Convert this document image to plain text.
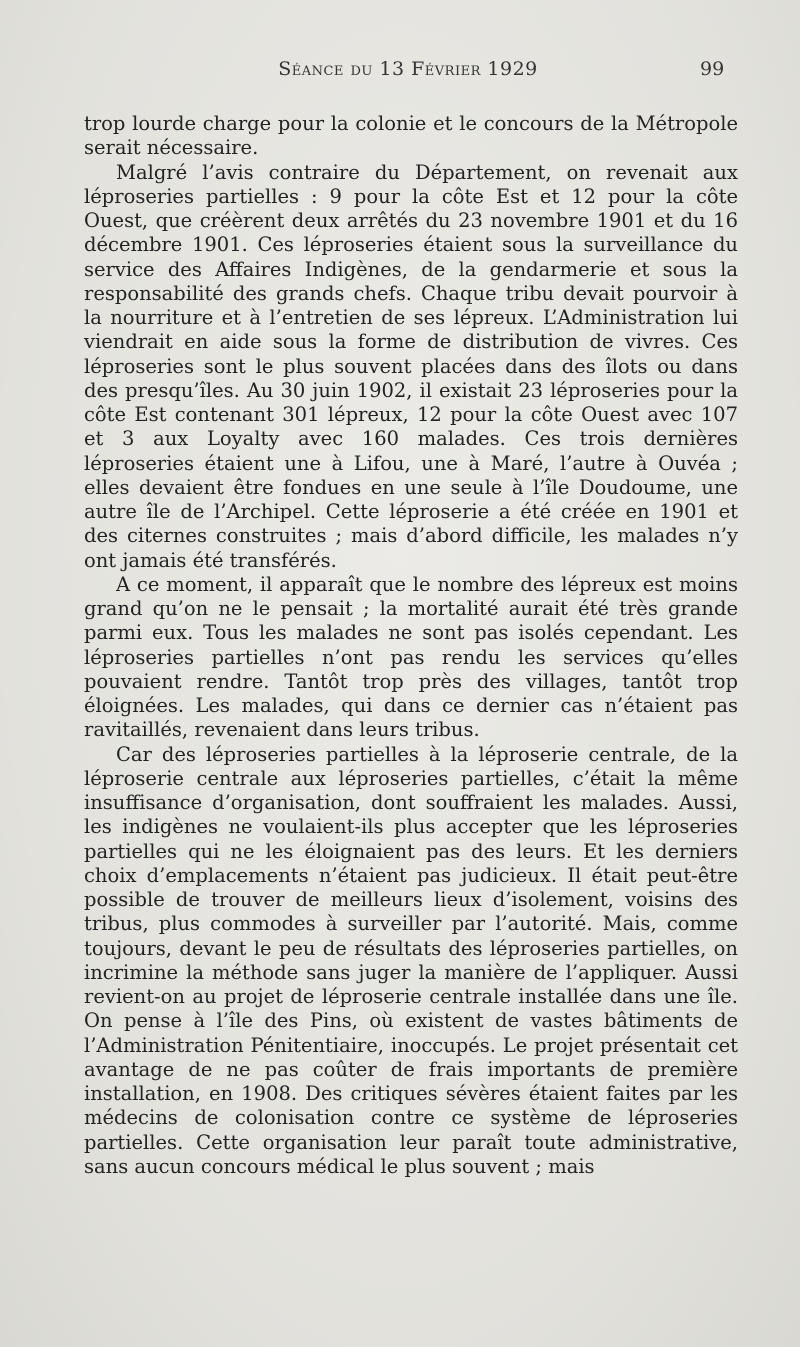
Séance du 13 Février 1929	99

trop lourde charge pour la colonie et le concours de la Métropole serait nécessaire.

Malgré l’avis contraire du Département, on revenait aux léproseries partielles : 9 pour la côte Est et 12 pour la côte Ouest, que créèrent deux arrêtés du 23 novembre 1901 et du 16 décembre 1901. Ces léproseries étaient sous la surveillance du service des Affaires Indigènes, de la gendarmerie et sous la responsabilité des grands chefs. Chaque tribu devait pourvoir à la nourriture et à l’entretien de ses lépreux. L’Administration lui viendrait en aide sous la forme de distribution de vivres. Ces léproseries sont le plus souvent placées dans des îlots ou dans des presqu’îles. Au 30 juin 1902, il existait 23 léproseries pour la côte Est contenant 301 lépreux, 12 pour la côte Ouest avec 107 et 3 aux Loyalty avec 160 malades. Ces trois dernières léproseries étaient une à Lifou, une à Maré, l’autre à Ouvéa ; elles devaient être fondues en une seule à l’île Doudoume, une autre île de l’Archipel. Cette léproserie a été créée en 1901 et des citernes construites ; mais d’abord difficile, les malades n’y ont jamais été transférés.

A ce moment, il apparaît que le nombre des lépreux est moins grand qu’on ne le pensait ; la mortalité aurait été très grande parmi eux. Tous les malades ne sont pas isolés cependant. Les léproseries partielles n’ont pas rendu les services qu’elles pouvaient rendre. Tantôt trop près des villages, tantôt trop éloignées. Les malades, qui dans ce dernier cas n’étaient pas ravitaillés, revenaient dans leurs tribus.

Car des léproseries partielles à la léproserie centrale, de la léproserie centrale aux léproseries partielles, c’était la même insuffisance d’organisation, dont souffraient les malades. Aussi, les indigènes ne voulaient-ils plus accepter que les léproseries partielles qui ne les éloignaient pas des leurs. Et les derniers choix d’emplacements n’étaient pas judicieux. Il était peut-être possible de trouver de meilleurs lieux d’isolement, voisins des tribus, plus commodes à surveiller par l’autorité. Mais, comme toujours, devant le peu de résultats des léproseries partielles, on incrimine la méthode sans juger la manière de l’appliquer. Aussi revient-on au projet de léproserie centrale installée dans une île. On pense à l’île des Pins, où existent de vastes bâtiments de l’Administration Pénitentiaire, inoccupés. Le projet présentait cet avantage de ne pas coûter de frais importants de première installation, en 1908. Des critiques sévères étaient faites par les médecins de colonisation contre ce système de léproseries partielles. Cette organisation leur paraît toute administrative, sans aucun concours médical le plus souvent ; mais
